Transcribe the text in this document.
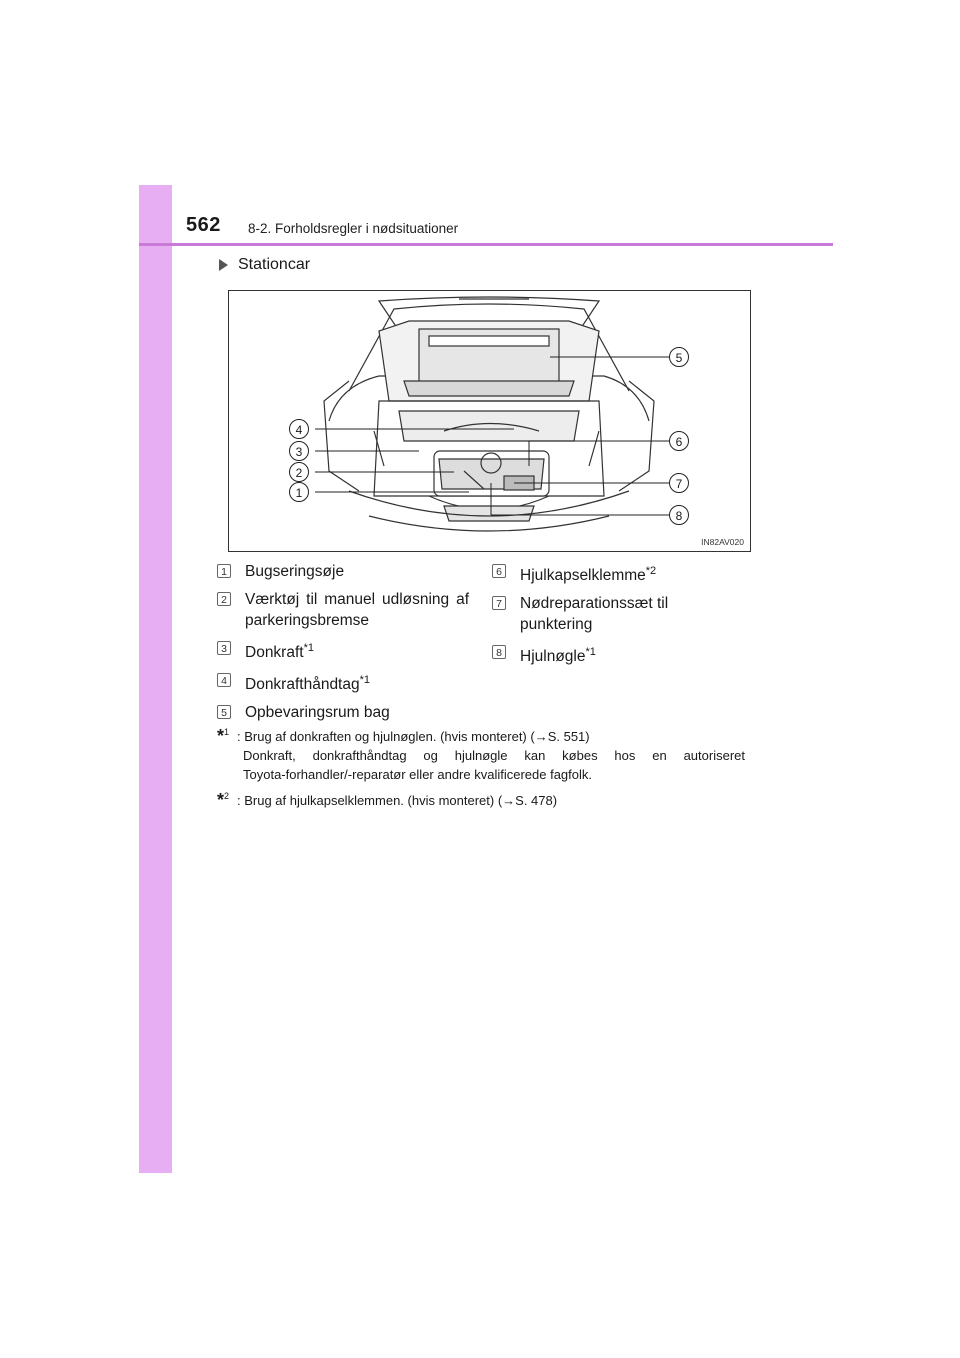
562 8-2. Forholdsregler i nødsituationer
Stationcar
5
4
6
3
2
7
1
8
IN82AV020
1 Bugseringsøje
2 Værktøj til manuel udløsning af
parkeringsbremse
3 Donkraft$^{*1}$
4 Donkrafthåndtag$^{*1}$
5 Opbevaringsrum bag
6 Hjulkapselklemme$^{*2}$
7 Nødreparationssæt til
punktering
8 Hjulnøgle$^{*1}$
*$^1$ : Brug af donkraften og hjulnøglen. (hvis monteret) (→S. 551)
Donkraft, donkrafthåndtag og hjulnøgle kan købes hos en autoriseret
Toyota-forhandler/-reparatør eller andre kvalificerede fagfolk.
*$^2$ : Brug af hjulkapselklemmen. (hvis monteret) (→S. 478)
